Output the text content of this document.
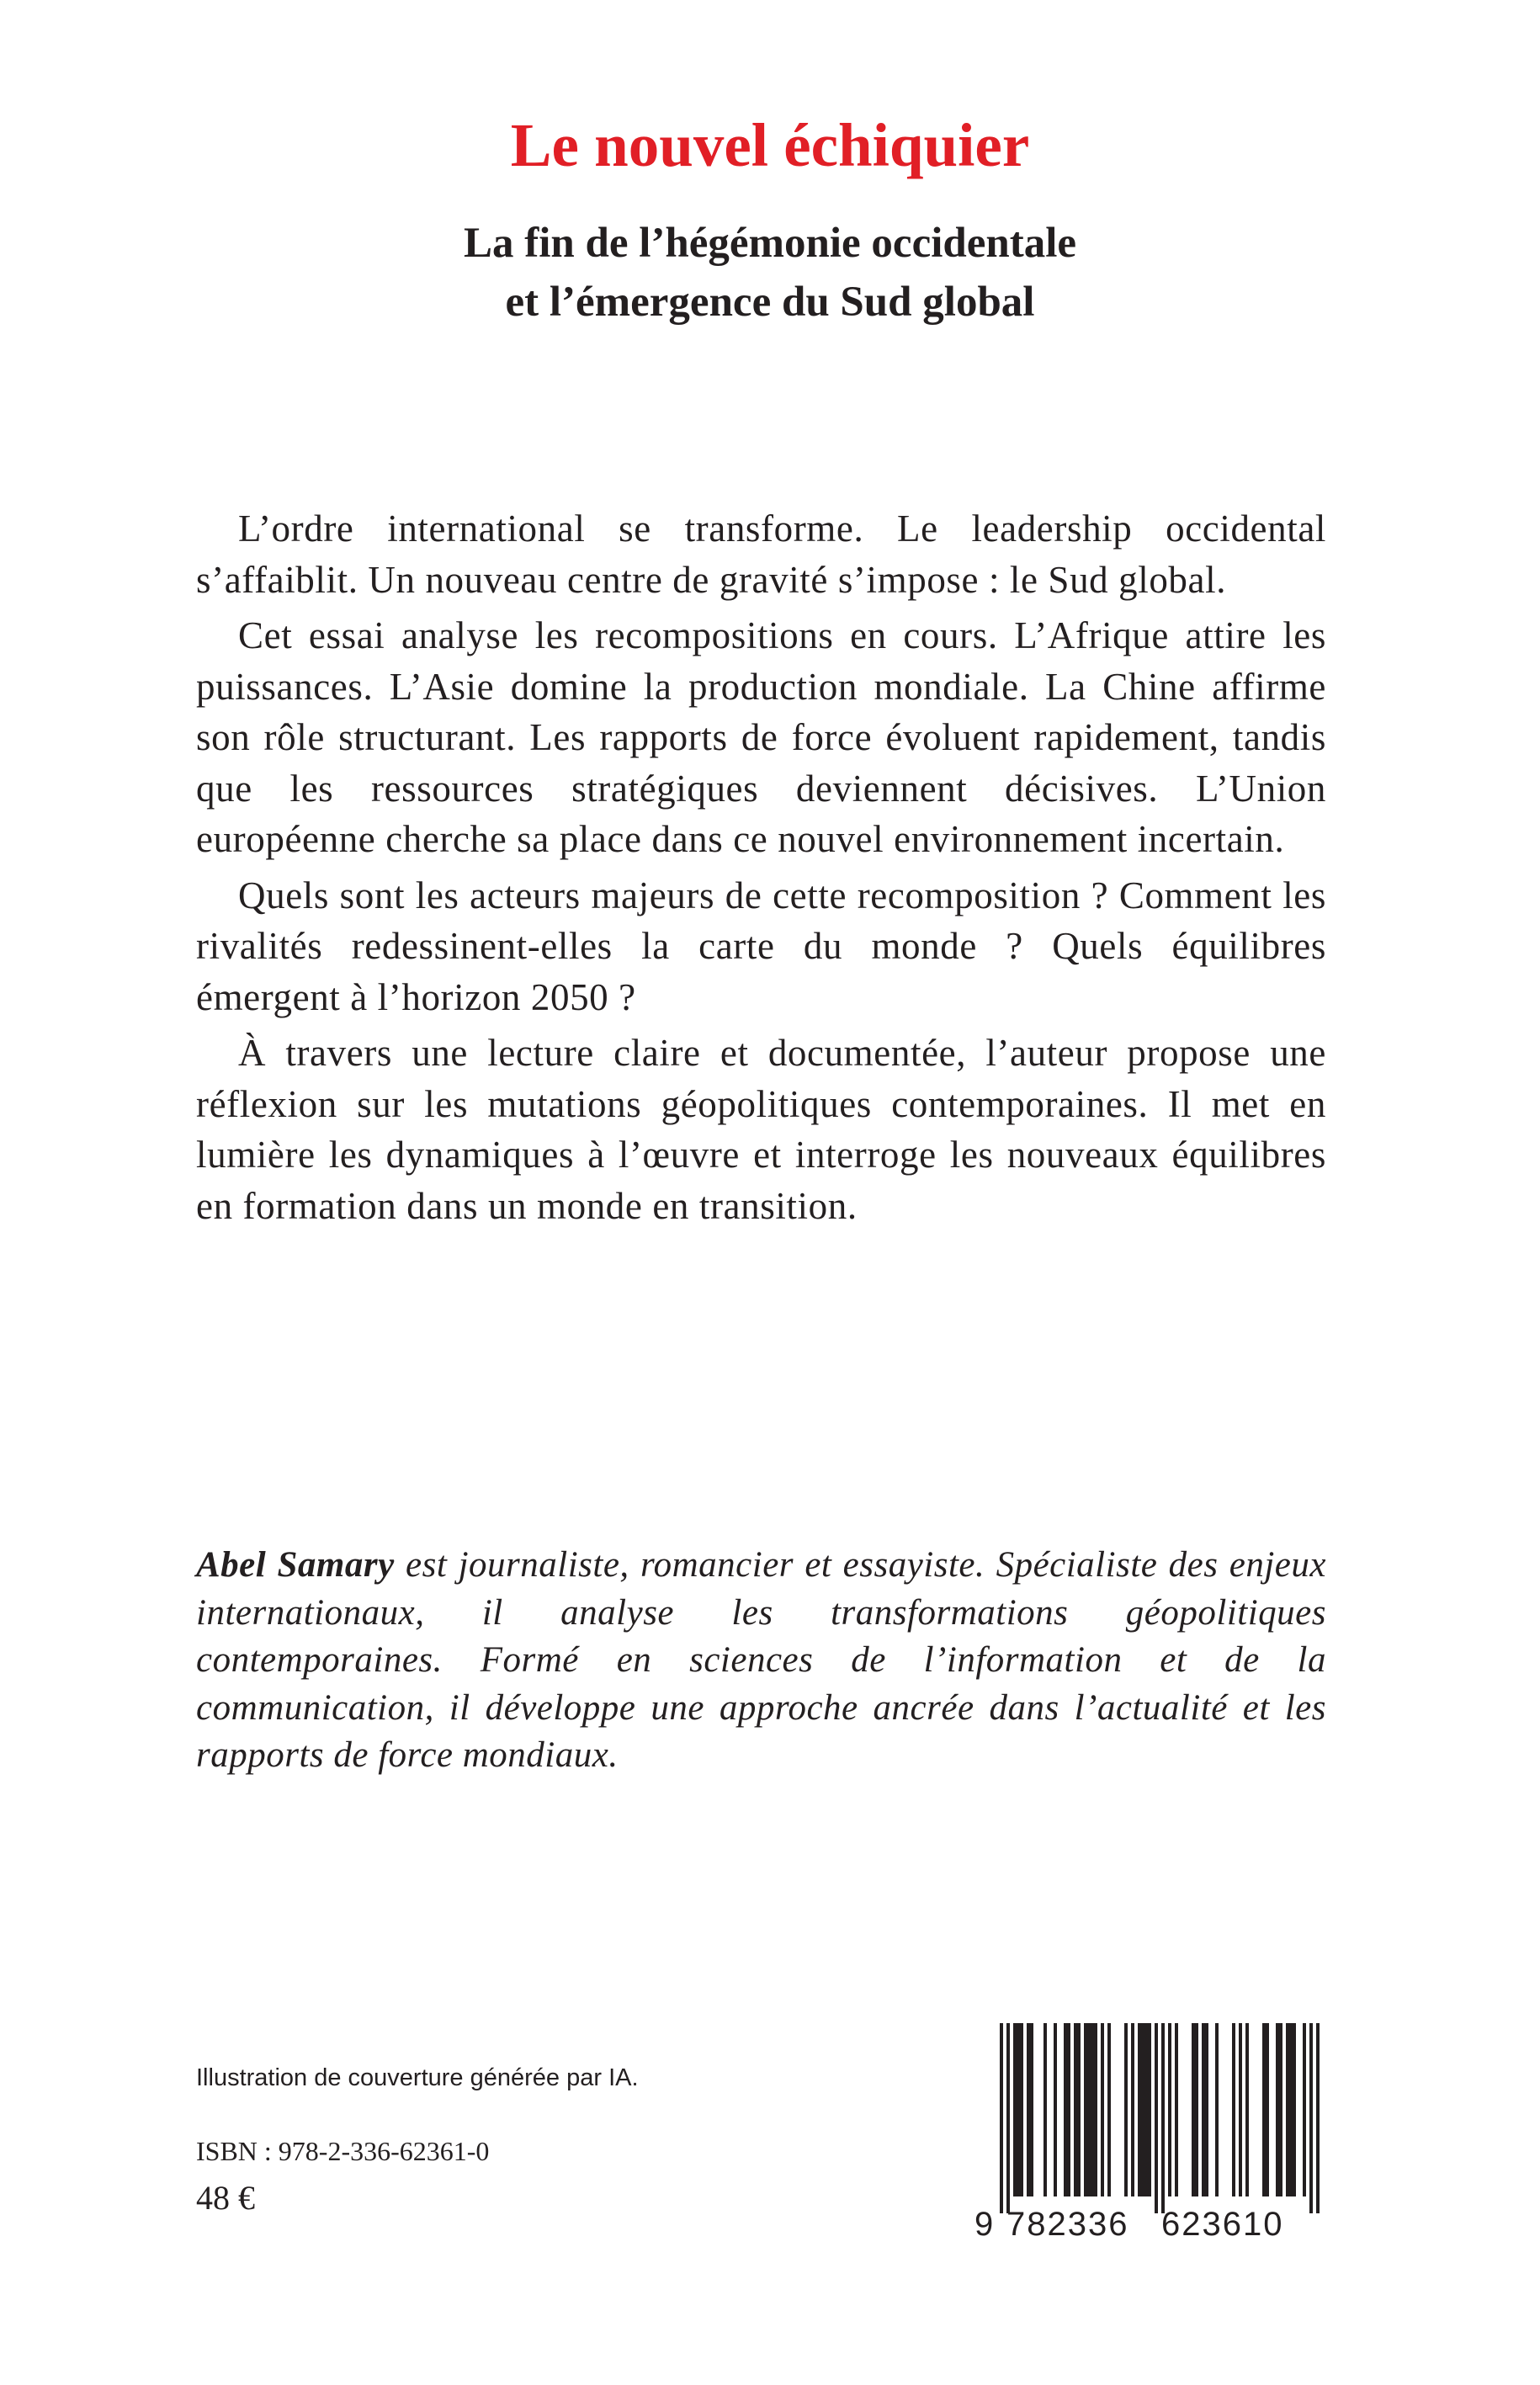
Le nouvel échiquier
La fin de l’hégémonie occidentale
et l’émergence du Sud global

L’ordre international se transforme. Le leadership occidental s’affaiblit. Un nouveau centre de gravité s’impose : le Sud global.

Cet essai analyse les recompositions en cours. L’Afrique attire les puissances. L’Asie domine la production mondiale. La Chine affirme son rôle structurant. Les rapports de force évoluent rapidement, tandis que les ressources stratégiques deviennent décisives. L’Union européenne cherche sa place dans ce nouvel environnement incertain.

Quels sont les acteurs majeurs de cette recomposition ? Comment les rivalités redessinent-elles la carte du monde ? Quels équilibres émergent à l’horizon 2050 ?

À travers une lecture claire et documentée, l’auteur propose une réflexion sur les mutations géopolitiques contemporaines. Il met en lumière les dynamiques à l’œuvre et interroge les nouveaux équilibres en formation dans un monde en transition.

Abel Samary est journaliste, romancier et essayiste. Spécialiste des enjeux internationaux, il analyse les transformations géopolitiques contemporaines. Formé en sciences de l’information et de la communication, il développe une approche ancrée dans l’actualité et les rapports de force mondiaux.

Illustration de couverture générée par IA.

ISBN : 978-2-336-62361-0

48 €

9 782336 623610
